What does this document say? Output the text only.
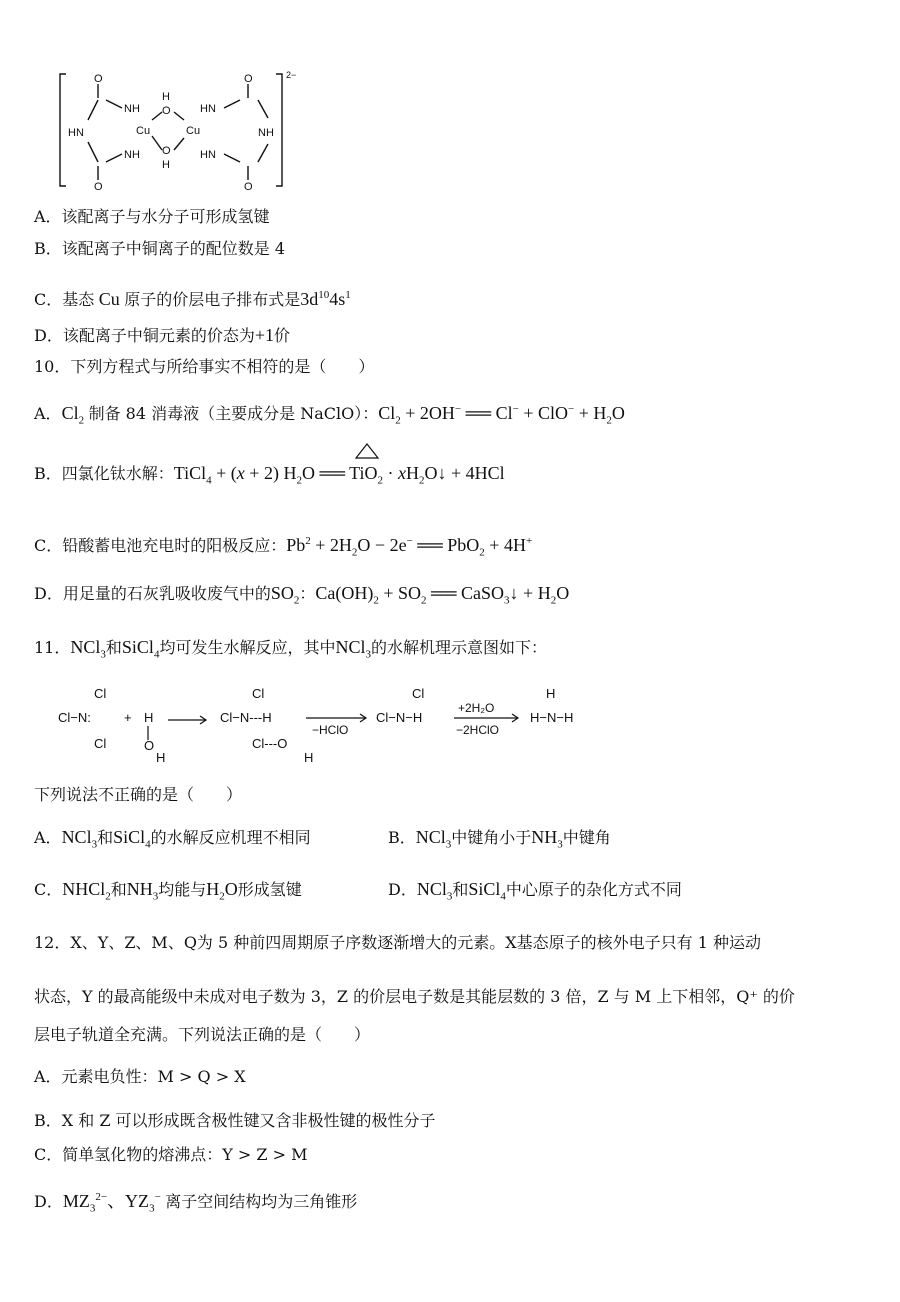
O
O
O
O
NH
NH
HN	NH
HN
HN
Cu	Cu
H
O
O
H
2−
A．该配离子与水分子可形成氢键
B．该配离子中铜离子的配位数是 4
C．基态 Cu 原子的价层电子排布式是$3d^{10}4s^1$
D．该配离子中铜元素的价态为+1价
10．下列方程式与所给事实不相符的是（　　）
A．$Cl_2$ 制备 84 消毒液（主要成分是 NaClO）：$Cl_2 + 2OH^-$ ══ $Cl^- + ClO^- + H_2O$
B．四氯化钛水解：TiCl$_4$ + (x + 2) $H_2O$ ══ $TiO_2 \cdot xH_2O↓ + 4HCl$
C．铅酸蓄电池充电时的阳极反应：$Pb^2 + 2H_2O - 2e^-$ ══ PbO$_2$ + 4H+
D．用足量的石灰乳吸收废气中的$SO_2$：$Ca(OH)_2 + SO_2$ ══ CaSO$_3$↓ + $H_2O$
11．NCl$_3$和SiCl$_4$均可发生水解反应，其中NCl$_3$的水解机理示意图如下：
Cl
Cl−N:
Cl
+ H
O
H
Cl
Cl−N---H
Cl---O
H
Cl
Cl−N−H
H
H−N−H
−HClO
+2H₂O
−2HClO
下列说法不正确的是（　　）
A．NCl$_3$和SiCl$_4$的水解反应机理不相同	B．NCl$_3$中键角小于$NH_3$中键角
C．NHCl$_2$和$NH_3$均能与$H_2O$形成氢键	D．NCl$_3$和SiCl$_4$中心原子的杂化方式不同
12．X、Y、Z、M、Q为 5 种前四周期原子序数逐渐增大的元素。X基态原子的核外电子只有 1 种运动
状态，Y 的最高能级中未成对电子数为 3，Z 的价层电子数是其能层数的 3 倍，Z 与 M 上下相邻，Q⁺ 的价
层电子轨道全充满。下列说法正确的是（　　）
A．元素电负性：M > Q > X
B．X 和 Z 可以形成既含极性键又含非极性键的极性分子
C．简单氢化物的熔沸点：Y > Z > M
D．$MZ_3^{2-}$、$YZ_3^-$ 离子空间结构均为三角锥形
